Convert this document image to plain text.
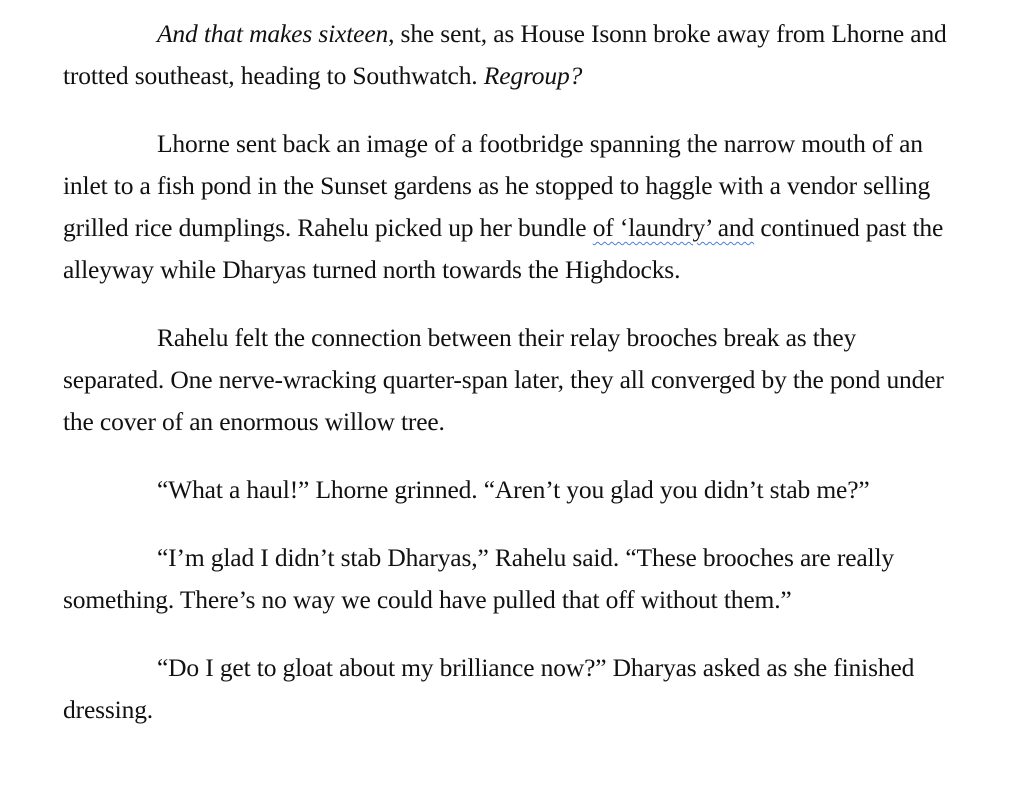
And that makes sixteen, she sent, as House Isonn broke away from Lhorne and trotted southeast, heading to Southwatch. Regroup?

Lhorne sent back an image of a footbridge spanning the narrow mouth of an inlet to a fish pond in the Sunset gardens as he stopped to haggle with a vendor selling grilled rice dumplings. Rahelu picked up her bundle of ‘laundry’ and continued past the alleyway while Dharyas turned north towards the Highdocks.

Rahelu felt the connection between their relay brooches break as they separated. One nerve-wracking quarter-span later, they all converged by the pond under the cover of an enormous willow tree.

“What a haul!” Lhorne grinned. “Aren’t you glad you didn’t stab me?”

“I’m glad I didn’t stab Dharyas,” Rahelu said. “These brooches are really something. There’s no way we could have pulled that off without them.”

“Do I get to gloat about my brilliance now?” Dharyas asked as she finished dressing.
